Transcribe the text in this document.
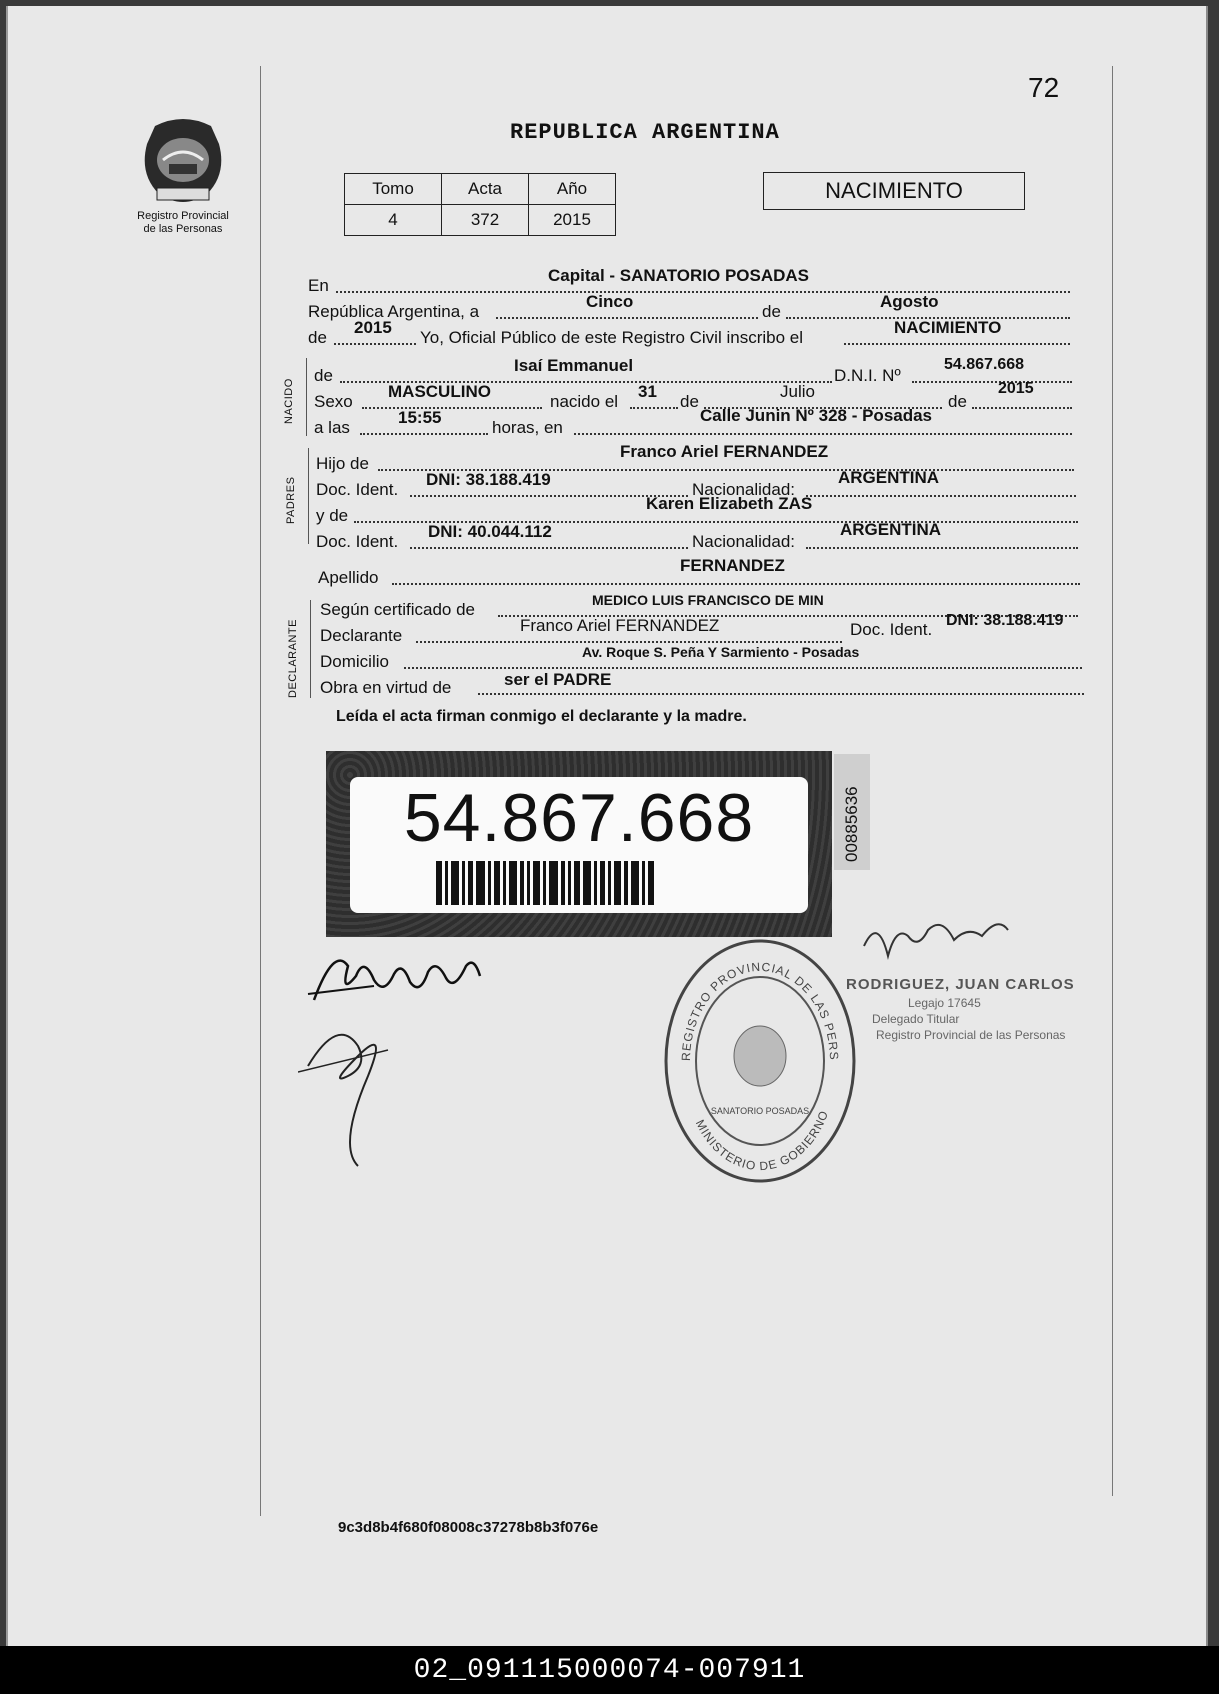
72
REPUBLICA ARGENTINA
Registro Provincial
de las Personas
Tomo	Acta	Año
4	372	2015
NACIMIENTO
En
Capital - SANATORIO POSADAS
República Argentina, a
Cinco
de
Agosto
de
2015
Yo, Oficial Público de este Registro Civil inscribo el
NACIMIENTO
NACIDO
de
Isaí Emmanuel
D.N.I. Nº
54.867.668
Sexo
MASCULINO
nacido el
31
de
Julio
de
2015
a las
15:55
horas, en
Calle Junin Nº 328 - Posadas
PADRES
Hijo de
Franco Ariel FERNANDEZ
Doc. Ident.
DNI: 38.188.419
Nacionalidad:
ARGENTINA
y de
Karen Elizabeth ZAS
Doc. Ident.
DNI: 40.044.112
Nacionalidad:
ARGENTINA
Apellido
FERNANDEZ
DECLARANTE
Según certificado de	MEDICO LUIS FRANCISCO DE MIN
Declarante
Franco Ariel FERNANDEZ	Doc. Ident. DNI: 38.188.419
Domicilio	Av. Roque S. Peña Y Sarmiento - Posadas
Obra en virtud de	ser el PADRE
Leída el acta firman conmigo el declarante y la madre.
54.867.668	00885636
RODRIGUEZ, JUAN CARLOS
Legajo 17645
Delegado Titular
Registro Provincial de las Personas
REGISTRO PROVINCIAL DE LAS PERS
MINISTERIO DE GOBIERNO
SANATORIO POSADAS
9c3d8b4f680f08008c37278b8b3f076e
02_091115000074-007911
